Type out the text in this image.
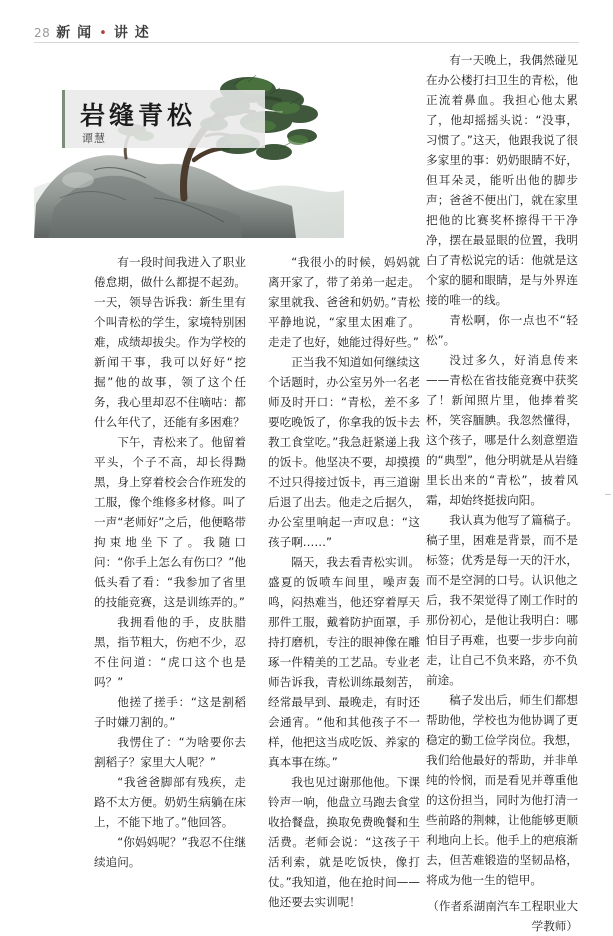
28 新 闻 • 讲 述
岩缝青松
谭慧

有一段时间我进入了职业倦怠期，做什么都提不起劲。一天，领导告诉我：新生里有个叫青松的学生，家境特别困难，成绩却拔尖。作为学校的新闻干事，我可以好好“挖掘”他的故事，领了这个任务，我心里却忍不住嘀咕：都什么年代了，还能有多困难？

下午，青松来了。他留着平头，个子不高，却长得黝黑，身上穿着校会合作班发的工服，像个维修多材修。叫了一声“老师好”之后，他便略带拘束地坐下了。我随口问：“你手上怎么有伤口？”他低头看了看：“我参加了省里的技能竞赛，这是训练弄的。”

我拥看他的手，皮肤腊黑，指节粗大，伤疤不少，忍不住问道：“虎口这个也是吗？”

他搓了搓手：“这是割稻子时嫌刀割的。”

我愣住了：“为啥要你去割稻子？家里大人呢？”

“我爸爸脚部有残疾，走路不太方便。奶奶生病躺在床上，不能下地了。”他回答。

“你妈妈呢？”我忍不住继续追问。

“我很小的时候，妈妈就离开家了，带了弟弟一起走。家里就我、爸爸和奶奶。”青松平静地说，“家里太困难了。走走了也好，她能过得好些。”

正当我不知道如何继续这个话题时，办公室另外一名老师及时开口：“青松，差不多要吃晚饭了，你拿我的饭卡去教工食堂吃。”我急赶紧递上我的饭卡。他坚决不要，却摸摸不过只得接过饭卡，再三道谢后退了出去。他走之后据久，办公室里响起一声叹息：“这孩子啊……”

隔天，我去看青松实训。盛夏的饭喷车间里，噪声轰鸣，闷热难当，他还穿着厚天那件工服，戴着防护面罩，手持打磨机，专注的眼神像在雕琢一件精美的工艺品。专业老师告诉我，青松训练最刻苦，经常最早到、最晚走，有时还会通宵。“他和其他孩子不一样，他把这当成吃饭、养家的真本事在练。”

我也见过谢那他他。下课铃声一响，他盘立马跑去食堂收拾餐盘，换取免费晚餐和生活费。老师会说：“这孩子干活利索，就是吃饭快，像打仗。”我知道，他在抢时间——他还要去实训呢！

有一天晚上，我偶然碰见在办公楼打扫卫生的青松，他正流着鼻血。我担心他太累了，他却摇摇头说：“没事，习惯了。”这天，他跟我说了很多家里的事：奶奶眼睛不好，但耳朵灵，能听出他的脚步声；爸爸不便出门，就在家里把他的比赛奖杯擦得干干净净，摆在最显眼的位置，我明白了青松说完的话：他就是这个家的腿和眼睛，是与外界连接的唯一的线。

青松啊，你一点也不“轻松”。

没过多久，好消息传来——青松在省技能竞赛中获奖了！新闻照片里，他捧着奖杯，笑容腼腆。我忽然懂得，这个孩子，哪是什么刻意塑造的“典型”，他分明就是从岩缝里长出来的“青松”，披着风霜，却始终挺拔向阳。

我认真为他写了篇稿子。稿子里，困难是背景，而不是标签；优秀是每一天的汗水，而不是空洞的口号。认识他之后，我不架觉得了刚工作时的那份初心，是他让我明白：哪怕目子再难，也要一步步向前走，让自己不负来路，亦不负前途。

稿子发出后，师生们都想帮助他，学校也为他协调了更稳定的勤工俭学岗位。我想，我们给他最好的帮助，并非单纯的怜悯，而是看见并尊重他的这份担当，同时为他打清一些前路的荆棘，让他能够更顺利地向上长。他手上的疤痕渐去，但苦难锻造的坚韧品格，将成为他一生的铠甲。

（作者系湖南汽车工程职业大学教师）
